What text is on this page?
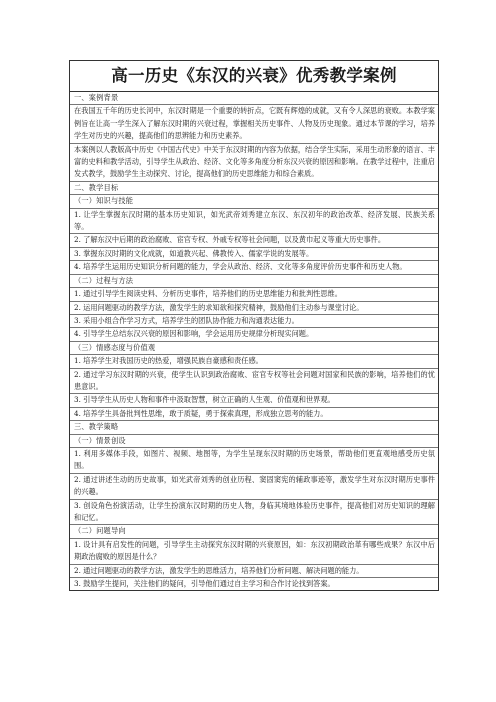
高一历史《东汉的兴衰》优秀教学案例
一、案例背景
在我国五千年的历史长河中，东汉时期是一个重要的转折点，它既有辉煌的成就，又有令人深思的衰败。本教学案例旨在让高一学生深入了解东汉时期的兴衰过程，掌握相关历史事件、人物及历史现象。通过本节课的学习，培养学生对历史的兴趣，提高他们的思辨能力和历史素养。
本案例以人教版高中历史《中国古代史》中关于东汉时期的内容为依据，结合学生实际，采用生动形象的语言、丰富的史料和教学活动，引导学生从政治、经济、文化等多角度分析东汉兴衰的原因和影响。在教学过程中，注重启发式教学，鼓励学生主动探究、讨论，提高他们的历史思维能力和综合素质。
二、教学目标
（一）知识与技能
1. 让学生掌握东汉时期的基本历史知识，如光武帝刘秀建立东汉、东汉初年的政治改革、经济发展、民族关系等。
2. 了解东汉中后期的政治腐败、宦官专权、外戚专权等社会问题，以及黄巾起义等重大历史事件。
3. 掌握东汉时期的文化成就，如道教兴起、佛教传入、儒家学说的发展等。
4. 培养学生运用历史知识分析问题的能力，学会从政治、经济、文化等多角度评价历史事件和历史人物。
（二）过程与方法
1. 通过引导学生阅读史料、分析历史事件，培养他们的历史思维能力和批判性思维。
2. 运用问题驱动的教学方法，激发学生的求知欲和探究精神，鼓励他们主动参与课堂讨论。
3. 采用小组合作学习方式，培养学生的团队协作能力和沟通表达能力。
4. 引导学生总结东汉兴衰的原因和影响，学会运用历史规律分析现实问题。
（三）情感态度与价值观
1. 培养学生对我国历史的热爱，增强民族自豪感和责任感。
2. 通过学习东汉时期的兴衰，使学生认识到政治腐败、宦官专权等社会问题对国家和民族的影响，培养他们的忧患意识。
3. 引导学生从历史人物和事件中汲取智慧，树立正确的人生观、价值观和世界观。
4. 培养学生具备批判性思维，敢于质疑，勇于探索真理，形成独立思考的能力。
三、教学策略
（一）情景创设
1. 利用多媒体手段，如图片、视频、地图等，为学生呈现东汉时期的历史场景，帮助他们更直观地感受历史氛围。
2. 通过讲述生动的历史故事，如光武帝刘秀的创业历程、窦固窦宪的辅政事迹等，激发学生对东汉时期历史事件的兴趣。
3. 创设角色扮演活动，让学生扮演东汉时期的历史人物，身临其境地体验历史事件，提高他们对历史知识的理解和记忆。
（二）问题导向
1. 设计具有启发性的问题，引导学生主动探究东汉时期的兴衰原因，如：东汉初期政治革有哪些成果？东汉中后期政治腐败的原因是什么？
2. 通过问题驱动的教学方法，激发学生的思维活力，培养他们分析问题、解决问题的能力。
3. 鼓励学生提问，关注他们的疑问，引导他们通过自主学习和合作讨论找到答案。
